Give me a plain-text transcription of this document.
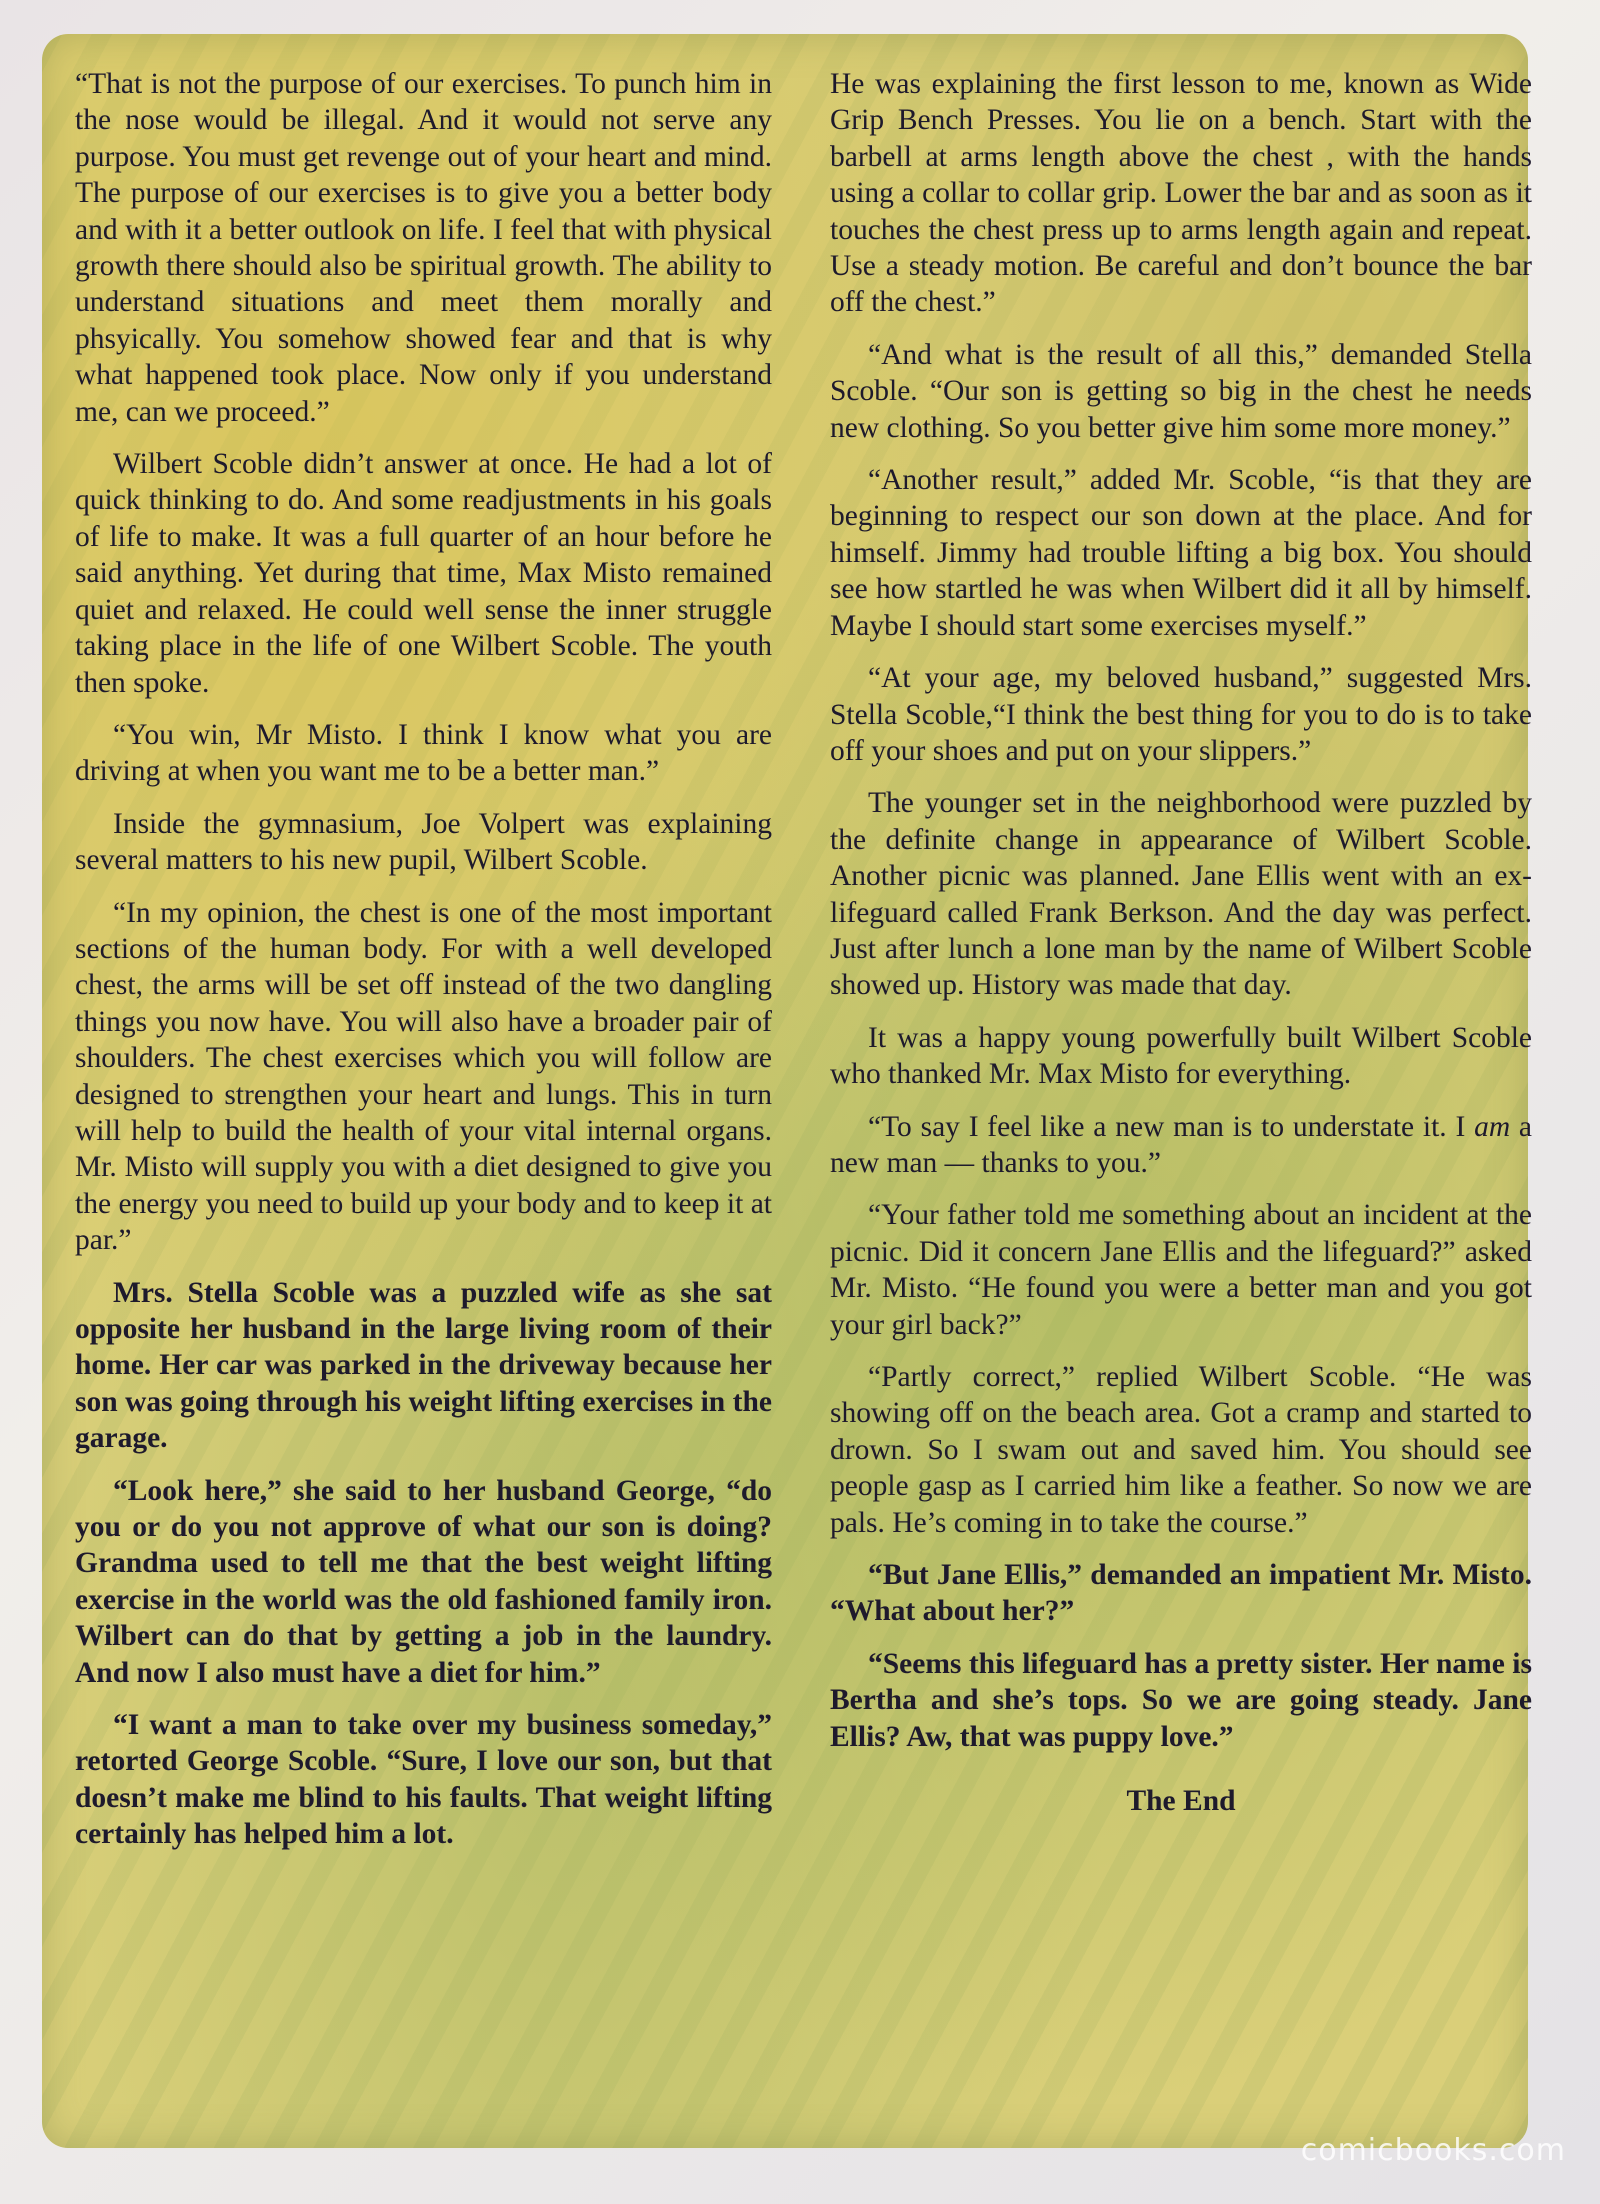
“That is not the purpose of our exercises. To punch him in the nose would be illegal. And it would not serve any purpose. You must get revenge out of your heart and mind. The purpose of our exercises is to give you a better body and with it a better outlook on life. I feel that with physical growth there should also be spiritual growth. The ability to understand situations and meet them morally and phsyically. You somehow showed fear and that is why what happened took place. Now only if you understand me, can we proceed.”

Wilbert Scoble didn’t answer at once. He had a lot of quick thinking to do. And some readjustments in his goals of life to make. It was a full quarter of an hour before he said anything. Yet during that time, Max Misto remained quiet and relaxed. He could well sense the inner struggle taking place in the life of one Wilbert Scoble. The youth then spoke.

“You win, Mr Misto. I think I know what you are driving at when you want me to be a better man.”

Inside the gymnasium, Joe Volpert was explaining several matters to his new pupil, Wilbert Scoble.

“In my opinion, the chest is one of the most important sections of the human body. For with a well developed chest, the arms will be set off instead of the two dangling things you now have. You will also have a broader pair of shoulders. The chest exercises which you will follow are designed to strengthen your heart and lungs. This in turn will help to build the health of your vital internal organs. Mr. Misto will supply you with a diet designed to give you the energy you need to build up your body and to keep it at par.”

Mrs. Stella Scoble was a puzzled wife as she sat opposite her husband in the large living room of their home. Her car was parked in the driveway because her son was going through his weight lifting exercises in the garage.

“Look here,” she said to her husband George, “do you or do you not approve of what our son is doing? Grandma used to tell me that the best weight lifting exercise in the world was the old fashioned family iron. Wilbert can do that by getting a job in the laundry. And now I also must have a diet for him.”

“I want a man to take over my business someday,” retorted George Scoble. “Sure, I love our son, but that doesn’t make me blind to his faults. That weight lifting certainly has helped him a lot.

He was explaining the first lesson to me, known as Wide Grip Bench Presses. You lie on a bench. Start with the barbell at arms length above the chest , with the hands using a collar to collar grip. Lower the bar and as soon as it touches the chest press up to arms length again and repeat. Use a steady motion. Be careful and don’t bounce the bar off the chest.”

“And what is the result of all this,” demanded Stella Scoble. “Our son is getting so big in the chest he needs new clothing. So you better give him some more money.”

“Another result,” added Mr. Scoble, “is that they are beginning to respect our son down at the place. And for himself. Jimmy had trouble lifting a big box. You should see how startled he was when Wilbert did it all by himself. Maybe I should start some exercises myself.”

“At your age, my beloved husband,” suggested Mrs. Stella Scoble,“I think the best thing for you to do is to take off your shoes and put on your slippers.”

The younger set in the neighborhood were puzzled by the definite change in appearance of Wilbert Scoble. Another picnic was planned. Jane Ellis went with an ex-lifeguard called Frank Berkson. And the day was perfect. Just after lunch a lone man by the name of Wilbert Scoble showed up. History was made that day.

It was a happy young powerfully built Wilbert Scoble who thanked Mr. Max Misto for everything.

“To say I feel like a new man is to understate it. I am a new man — thanks to you.”

“Your father told me something about an incident at the picnic. Did it concern Jane Ellis and the lifeguard?” asked Mr. Misto. “He found you were a better man and you got your girl back?”

“Partly correct,” replied Wilbert Scoble. “He was showing off on the beach area. Got a cramp and started to drown. So I swam out and saved him. You should see people gasp as I carried him like a feather. So now we are pals. He’s coming in to take the course.”

“But Jane Ellis,” demanded an impatient Mr. Misto. “What about her?”

“Seems this lifeguard has a pretty sister. Her name is Bertha and she’s tops. So we are going steady. Jane Ellis? Aw, that was puppy love.”

The End

comicbooks.com
